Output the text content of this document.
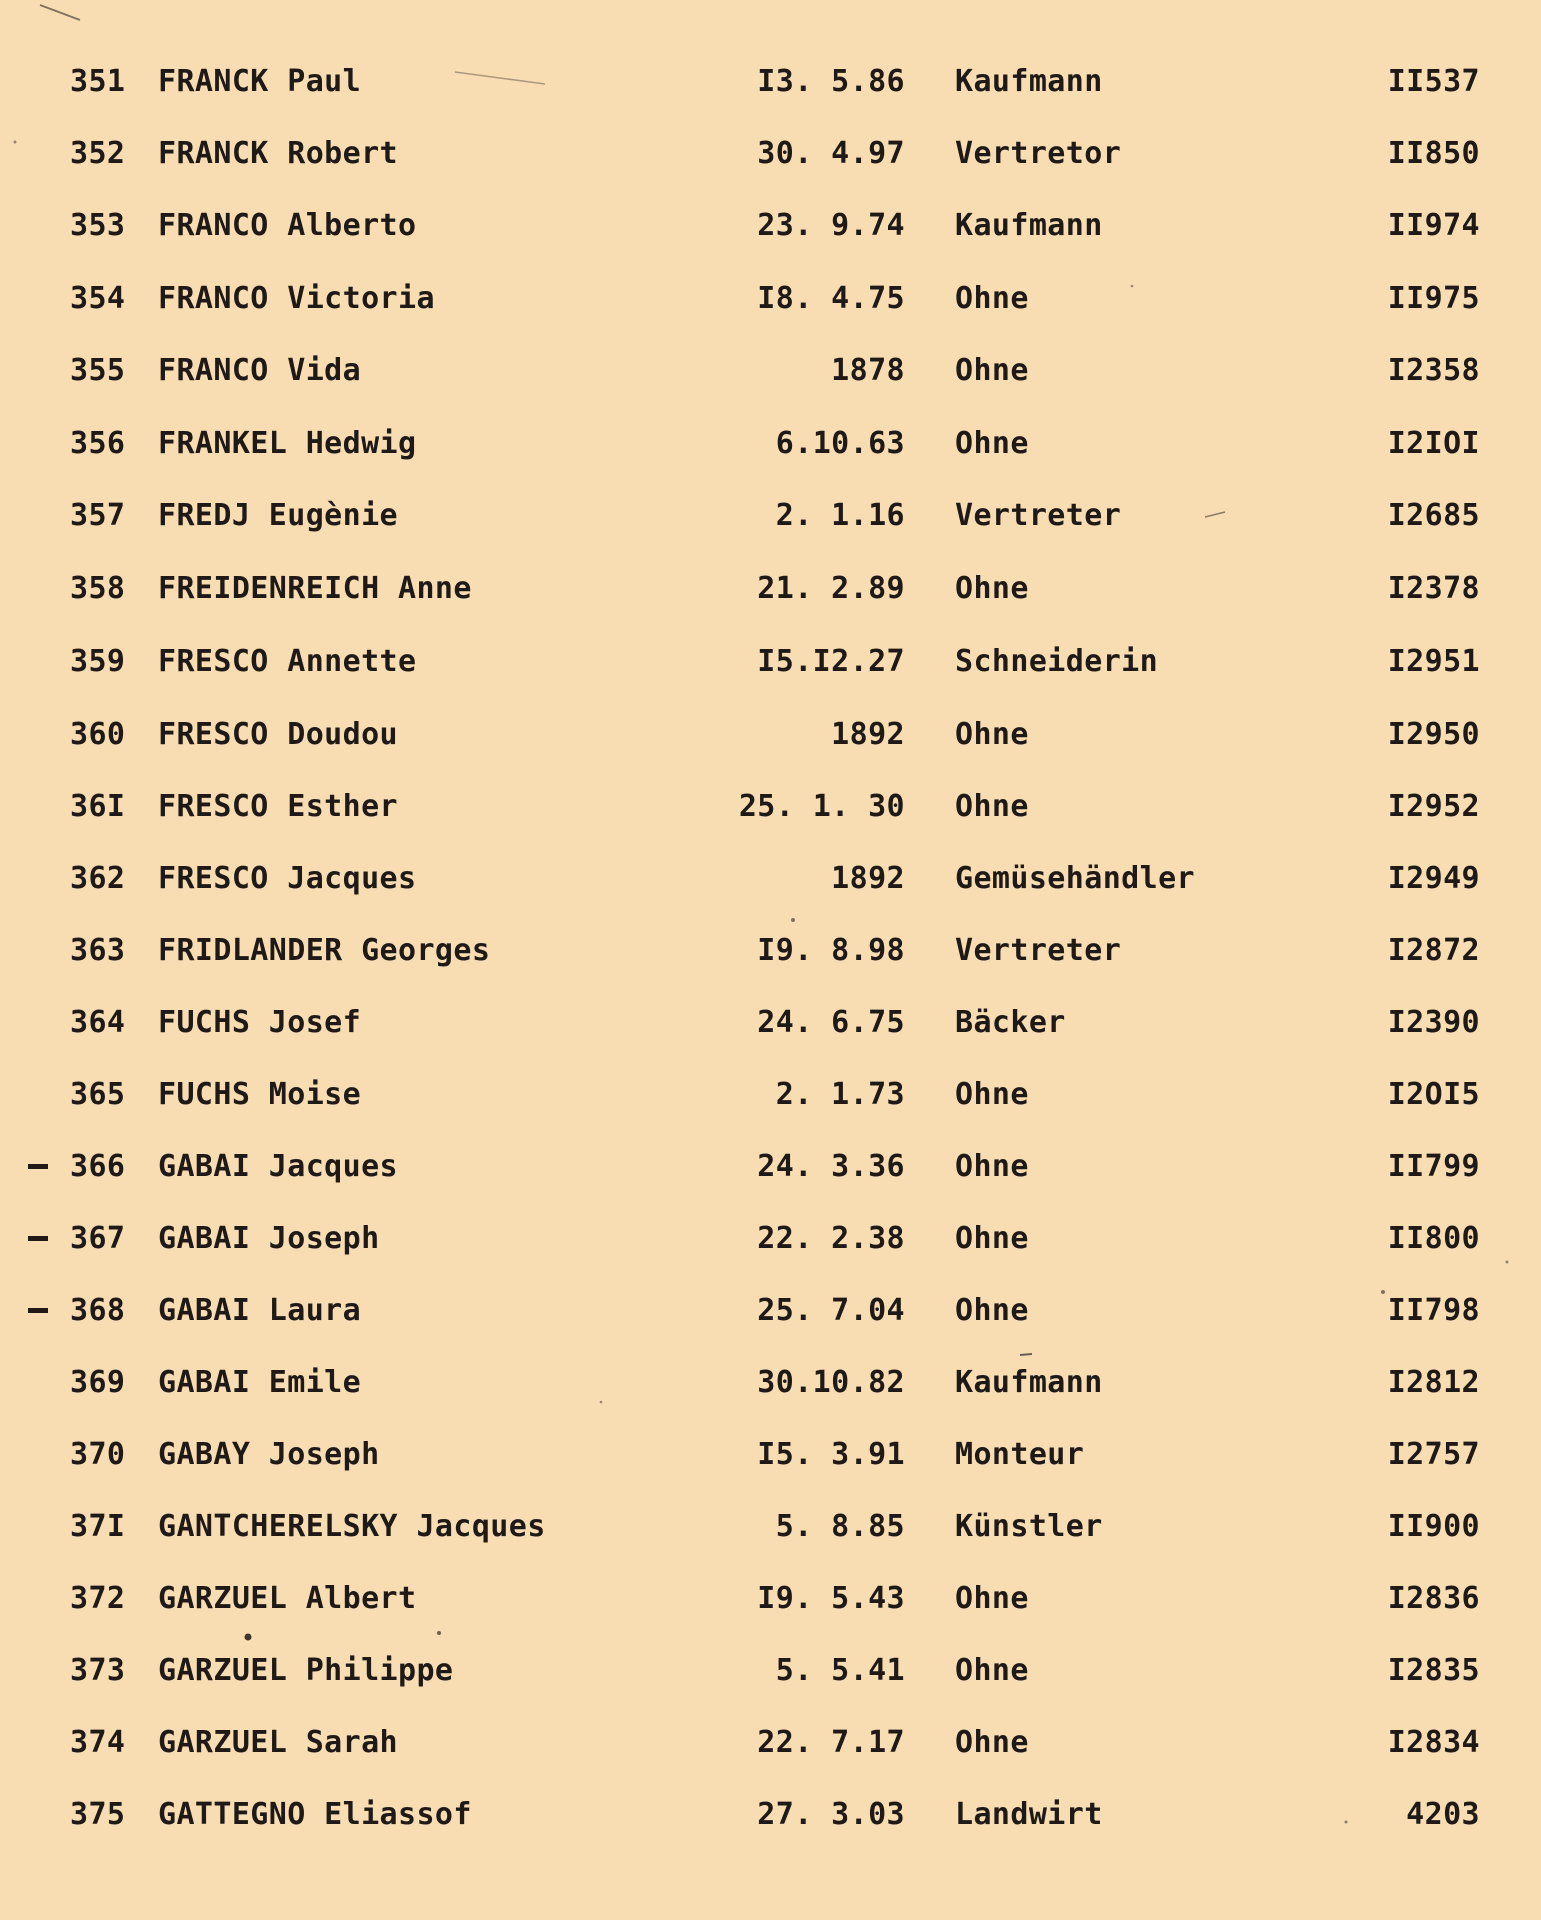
351	FRANCK Paul	I3. 5.86 Kaufmann	II537
352	FRANCK Robert	30. 4.97 Vertretor	II850
353	FRANCO Alberto	23. 9.74 Kaufmann	II974
354	FRANCO Victoria	I8. 4.75 Ohne	II975
355	FRANCO Vida	1878 Ohne	I2358
356	FRANKEL Hedwig	6.10.63 Ohne	I2IOI
357	FREDJ Eugènie	2. 1.16 Vertreter	I2685
358	FREIDENREICH Anne	21. 2.89 Ohne	I2378
359	FRESCO Annette	I5.I2.27 Schneiderin	I2951
360	FRESCO Doudou	1892 Ohne	I2950
36I	FRESCO Esther	25. 1. 30 Ohne	I2952
362	FRESCO Jacques	1892 Gemüsehändler	I2949
363	FRIDLANDER Georges	I9. 8.98 Vertreter	I2872
364	FUCHS Josef	24. 6.75 Bäcker	I2390
365	FUCHS Moise	2. 1.73 Ohne	I2OI5
366	GABAI Jacques	24. 3.36 Ohne	II799
367	GABAI Joseph	22. 2.38 Ohne	II800
368	GABAI Laura	25. 7.04 Ohne	II798
369	GABAI Emile	30.10.82 Kaufmann	I2812
370	GABAY Joseph	I5. 3.91 Monteur	I2757
37I	GANTCHERELSKY Jacques	5. 8.85 Künstler	II900
372	GARZUEL Albert	I9. 5.43 Ohne	I2836
373	GARZUEL Philippe	5. 5.41 Ohne	I2835
374	GARZUEL Sarah	22. 7.17 Ohne	I2834
375	GATTEGNO Eliassof	27. 3.03 Landwirt	4203
